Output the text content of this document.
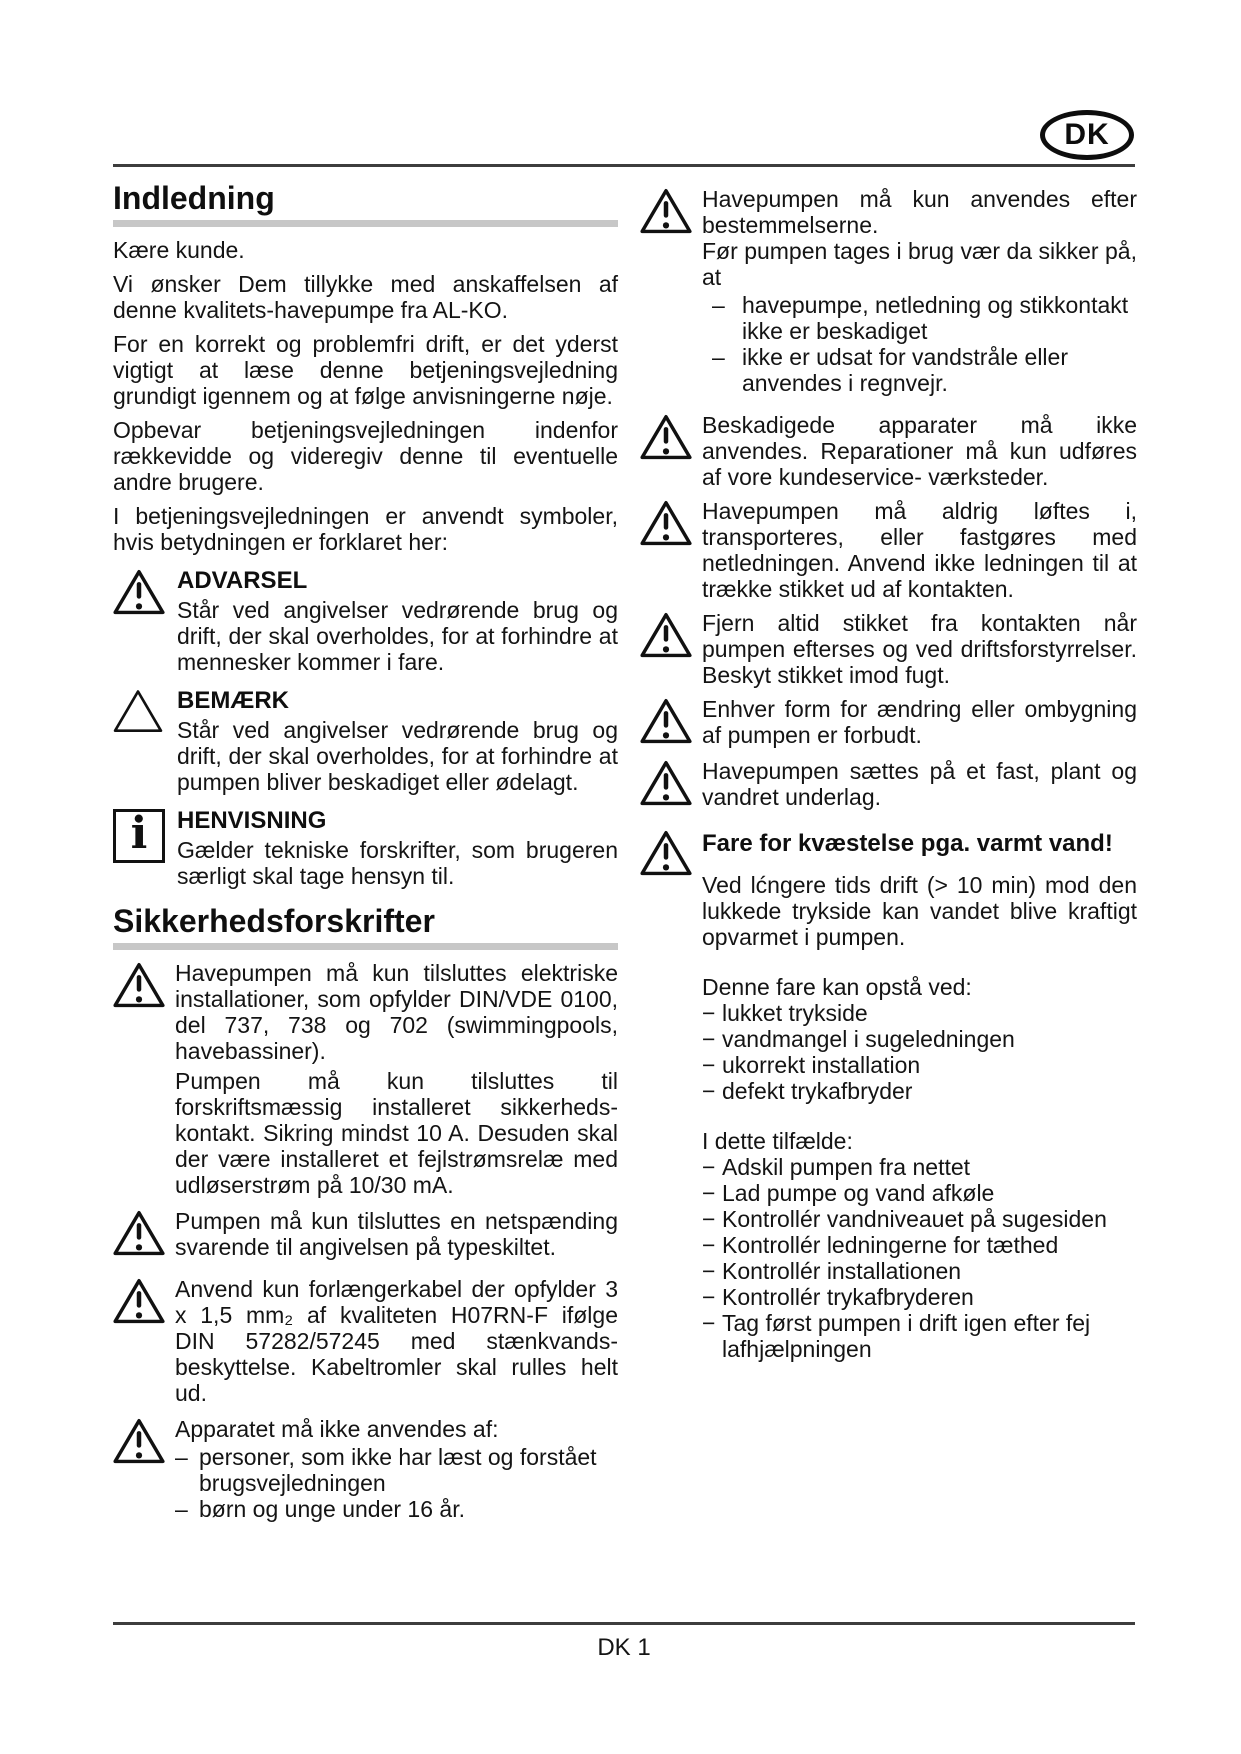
DK
Indledning

Kære kunde.

Vi ønsker Dem tillykke med anskaffelsen af denne kvalitets-havepumpe fra AL-KO.

For en korrekt og problemfri drift, er det yderst vigtigt at læse denne betjeningsvejledning grundigt igennem og at følge anvisningerne nøje.

Opbevar betjeningsvejledningen indenfor rækkevidde og videregiv denne til eventuelle andre brugere.

I betjeningsvejledningen er anvendt symboler, hvis betydningen er forklaret her:

ADVARSEL

Står ved angivelser vedrørende brug og drift, der skal overholdes, for at forhindre at mennesker kommer i fare.

BEMÆRK

Står ved angivelser vedrørende brug og drift, der skal overholdes, for at forhindre at pumpen bliver beskadiget eller ødelagt.

i HENVISNING

Gælder tekniske forskrifter, som brugeren særligt skal tage hensyn til.

Sikkerhedsforskrifter

Havepumpen må kun tilsluttes elektriske installationer, som opfylder DIN/VDE 0100, del 737, 738 og 702 (swimmingpools, havebassiner).

Pumpen må kun tilsluttes til forskriftsmæssig installeret sikkerheds-kontakt. Sikring mindst 10 A. Desuden skal der være installeret et fejlstrømsrelæ med udløserstrøm på 10/30 mA.

Pumpen må kun tilsluttes en netspænding svarende til angivelsen på typeskiltet.

Anvend kun forlængerkabel der opfylder 3 x 1,5 mm₂ af kvaliteten H07RN-F ifølge DIN 57282/57245 med stænkvands-beskyttelse. Kabeltromler skal rulles helt ud.

Apparatet må ikke anvendes af:

– personer, som ikke har læst og forstået brugsvejledningen
– børn og unge under 16 år.

Havepumpen må kun anvendes efter bestemmelserne.

Før pumpen tages i brug vær da sikker på, at

– havepumpe, netledning og stikkontakt ikke er beskadiget
– ikke er udsat for vandstråle eller anvendes i regnvejr.

Beskadigede apparater må ikke anvendes. Reparationer må kun udføres af vore kundeservice- værksteder.

Havepumpen må aldrig løftes i, transporteres, eller fastgøres med netledningen. Anvend ikke ledningen til at trække stikket ud af kontakten.

Fjern altid stikket fra kontakten når pumpen efterses og ved driftsforstyrrelser. Beskyt stikket imod fugt.

Enhver form for ændring eller ombygning af pumpen er forbudt.

Havepumpen sættes på et fast, plant og vandret underlag.

Fare for kvæstelse pga. varmt vand!

Ved lćngere tids drift (> 10 min) mod den lukkede trykside kan vandet blive kraftigt opvarmet i pumpen.

Denne fare kan opstå ved:

− lukket trykside
− vandmangel i sugeledningen
− ukorrekt installation
− defekt trykafbryder

I dette tilfælde:

− Adskil pumpen fra nettet
− Lad pumpe og vand afkøle
− Kontrollér vandniveauet på sugesiden
− Kontrollér ledningerne for tæthed
− Kontrollér installationen
− Kontrollér trykafbryderen
− Tag først pumpen i drift igen efter fej lafhjælpningen
DK 1
